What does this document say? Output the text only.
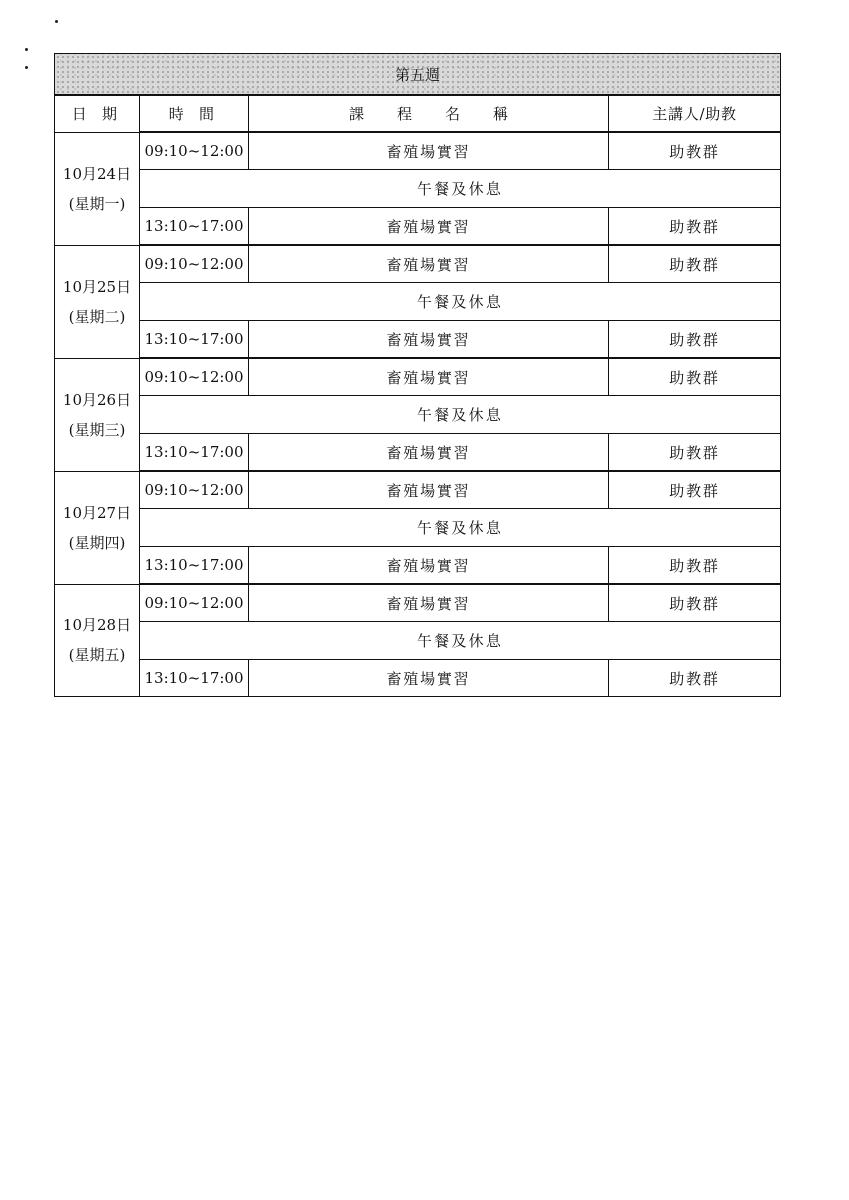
第五週			
日 期	時 間	課程名稱	主講人/助教

10月24日
(星期一)	09:10~12:00	畜殖場實習	助教群
	午餐及休息		
	13:10~17:00	畜殖場實習	助教群

10月25日
(星期二)	09:10~12:00	畜殖場實習	助教群
	午餐及休息		
	13:10~17:00	畜殖場實習	助教群

10月26日
(星期三)	09:10~12:00	畜殖場實習	助教群
	午餐及休息		
	13:10~17:00	畜殖場實習	助教群

10月27日
(星期四)	09:10~12:00	畜殖場實習	助教群
	午餐及休息		
	13:10~17:00	畜殖場實習	助教群

10月28日
(星期五)	09:10~12:00	畜殖場實習	助教群
	午餐及休息		
	13:10~17:00	畜殖場實習	助教群
